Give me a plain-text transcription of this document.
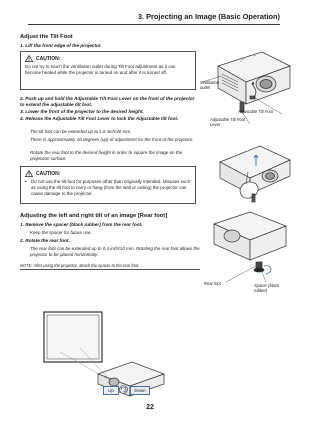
3. Projecting an Image (Basic Operation)
Adjust the Tilt Foot
1. Lift the front edge of the projector.
CAUTION:
Do not try to touch the ventilation outlet during Tilt Foot adjustment as it can become heated while the projector is turned on and after it is turned off.
2. Push up and hold the Adjustable Tilt Foot Lever on the front of the projector to extend the adjustable tilt foot.
3. Lower the front of the projector to the desired height.
4. Release the Adjustable Tilt Foot Lever to lock the Adjustable tilt foot.
The tilt foot can be extended up to 1.6 inch/40 mm.
There is approximately 10 degrees (up) of adjustment for the front of the projector.
Rotate the rear foot to the desired height in order to square the image on the projection surface.
CAUTION:
• Do not use the tilt-foot for purposes other than originally intended. Misuses such as using the tilt foot to carry or hang (from the wall or ceiling) the projector can cause damage to the projector.
Adjusting the left and right tilt of an image [Rear foot]
1. Remove the spacer (black rubber) from the rear foot.
Keep the spacer for future use.
2. Rotate the rear foot.
The rear foot can be extended up to 0.4 inch/10 mm. Rotating the rear foot allows the projector to be placed horizontally.
NOTE: After using the projector, attach the spacer to the rear foot.
Ventilation outlet
Adjustable Tilt Foot
Adjustable Tilt Foot Lever
Rear foot	Spacer (black rubber)
Up	Down
22
